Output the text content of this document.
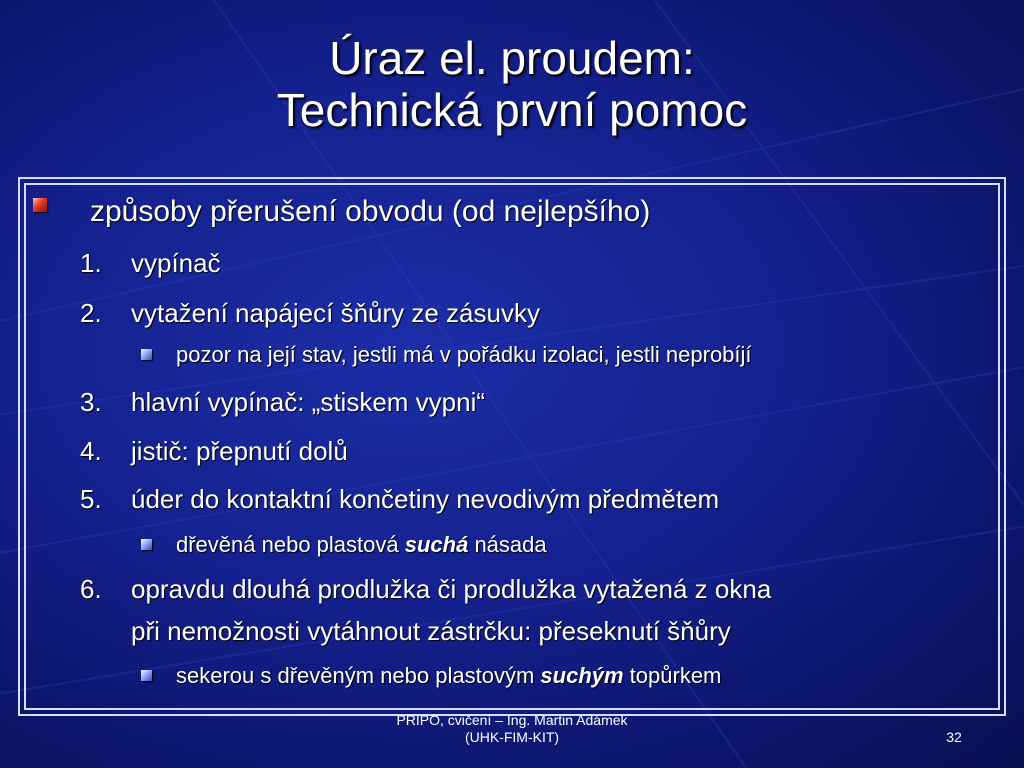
Úraz el. proudem:
Technická první pomoc
způsoby přerušení obvodu (od nejlepšího)
1. vypínač
2. vytažení napájecí šňůry ze zásuvky
pozor na její stav, jestli má v pořádku izolaci, jestli neprobíjí
3. hlavní vypínač: „stiskem vypni“
4. jistič: přepnutí dolů
5. úder do kontaktní končetiny nevodivým předmětem
dřevěná nebo plastová suchá násada
6. opravdu dlouhá prodlužka či prodlužka vytažená z okna
při nemožnosti vytáhnout zástrčku: přeseknutí šňůry
sekerou s dřevěným nebo plastovým suchým topůrkem
PRIPO, cvičení – Ing. Martin Adámek
(UHK-FIM-KIT)	32
